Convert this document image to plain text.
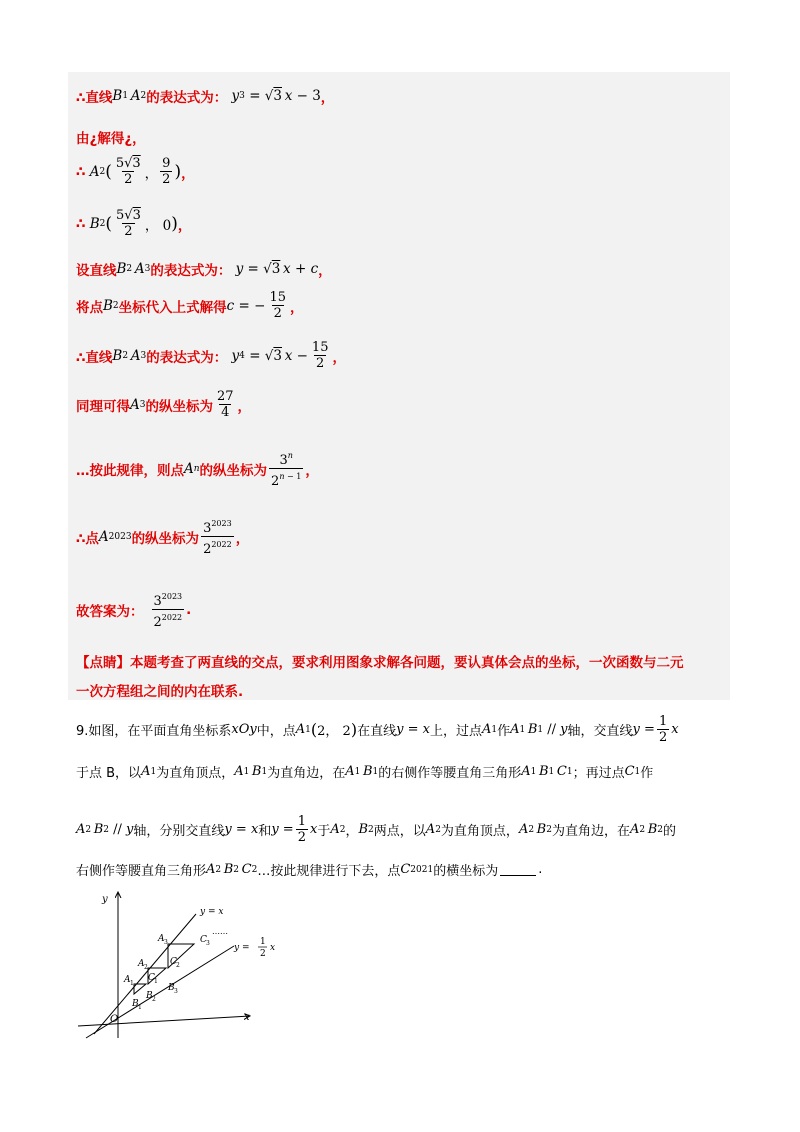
∴直线 B 1  A 2 的表达式为： y 3 = √3  x − 3 ，
由¿解得¿，
∴ A 2 ( $\frac{5√3}{2}$ ， $\frac{9}{2}$ ) ，
∴ B 2 ( $\frac{5√3}{2}$ ， 0 ) ，
设直线 B 2  A 3 的表达式为： y = √3  x + c ，
将点 B 2 坐标代入上式解得 c = − $\frac{15}{2}$ ，
∴直线 B 2  A 3 的表达式为： y 4 = √3  $x - \frac{15}{2}$ ，
同理可得 A 3 的纵坐标为 $\frac{27}{4}$ ，
…按此规律，则点 A n 的纵坐标为 $\frac{3^n}{2^{n - 1}}$ ，
∴点 A 2023 的纵坐标为 $\frac{3^{2023}}{2^{2022}}$ ，
故答案为： $\frac{3^{2023}}{2^{2022}}$ .
【点睛】本题考查了两直线的交点，要求利用图象求解各问题，要认真体会点的坐标，一次函数与二元
一次方程组之间的内在联系.
9.如图，在平面直角坐标系 xOy 中，点 A 1 ( 2， 2 ) 在直线 y = x 上，过点 A 1 作 A 1  B 1 // y 轴，交直线 $y = \frac{1}{2}$ x
于点 B，以 A 1 为直角顶点， A 1  B 1 为直角边，在 A 1  B 1 的右侧作等腰直角三角形 A 1  B 1  C 1 ；再过点 C 1 作
A 2  B 2 // y 轴，分别交直线 y = x 和 $y = \frac{1}{2}$ x 于 A 2 ， B 2 两点，以 A 2 为直角顶点， A 2  B 2 为直角边，在 A 2  B 2 的
右侧作等腰直角三角形 A 2  B 2  C 2 …按此规律进行下去，点 C 2021 的横坐标为	.
y
x
O
y = x
y =
1
2
x
A 1
A 2
A 3
B 1
B 2
B 3
C 1
C 2
C 3
……
